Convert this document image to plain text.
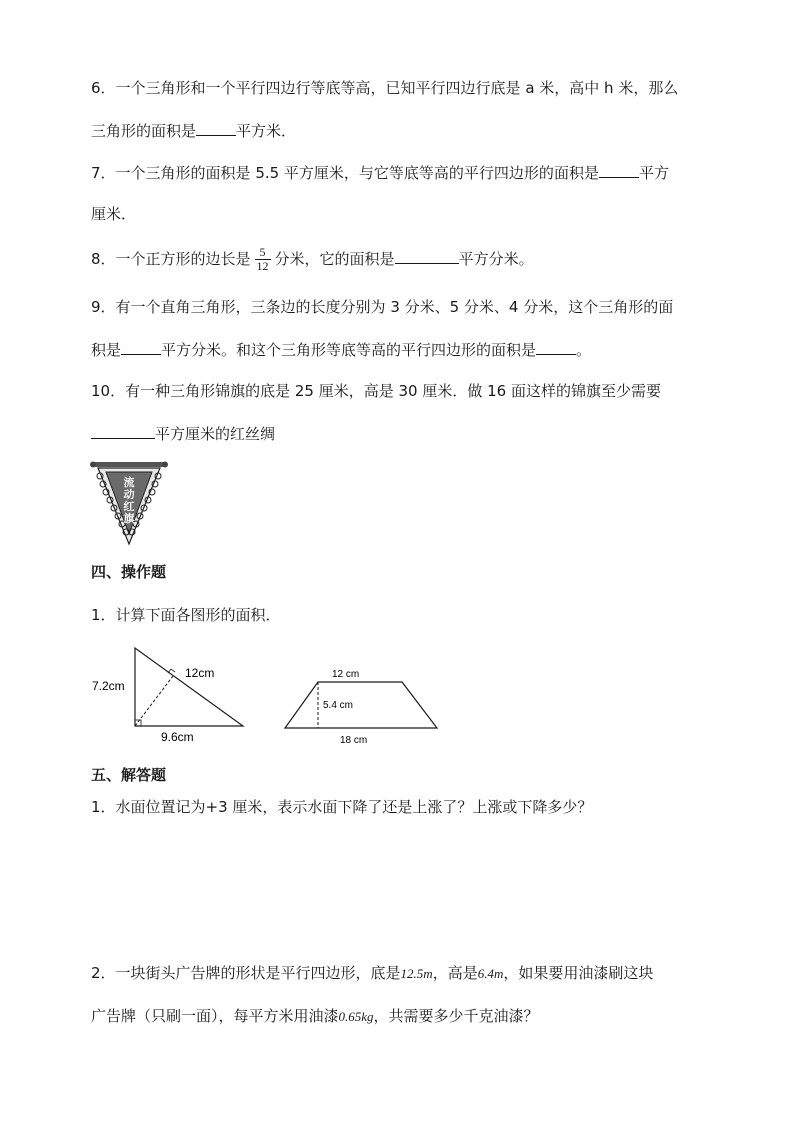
6．一个三角形和一个平行四边行等底等高，已知平行四边行底是 a 米，高中 h 米，那么
三角形的面积是	平方米．
7．一个三角形的面积是 5.5 平方厘米，与它等底等高的平行四边形的面积是	平方
厘米．
8．一个正方形的边长是 $\frac{5}{12}$ 分米，它的面积是	平方分米。
9．有一个直角三角形，三条边的长度分别为 3 分米、5 分米、4 分米，这个三角形的面
积是	平方分米。和这个三角形等底等高的平行四边形的面积是	。
10．有一种三角形锦旗的底是 25 厘米，高是 30 厘米．做 16 面这样的锦旗至少需要
平方厘米的红丝绸
流
动
红
旗
四、操作题
1．计算下面各图形的面积．
7.2cm
12cm
9.6cm
12 cm
5.4 cm
18 cm
五、解答题
1．水面位置记为+3 厘米，表示水面下降了还是上涨了？上涨或下降多少？
2．一块街头广告牌的形状是平行四边形，底是12.5m，高是6.4m，如果要用油漆刷这块
广告牌（只刷一面），每平方米用油漆0.65kg，共需要多少千克油漆？
